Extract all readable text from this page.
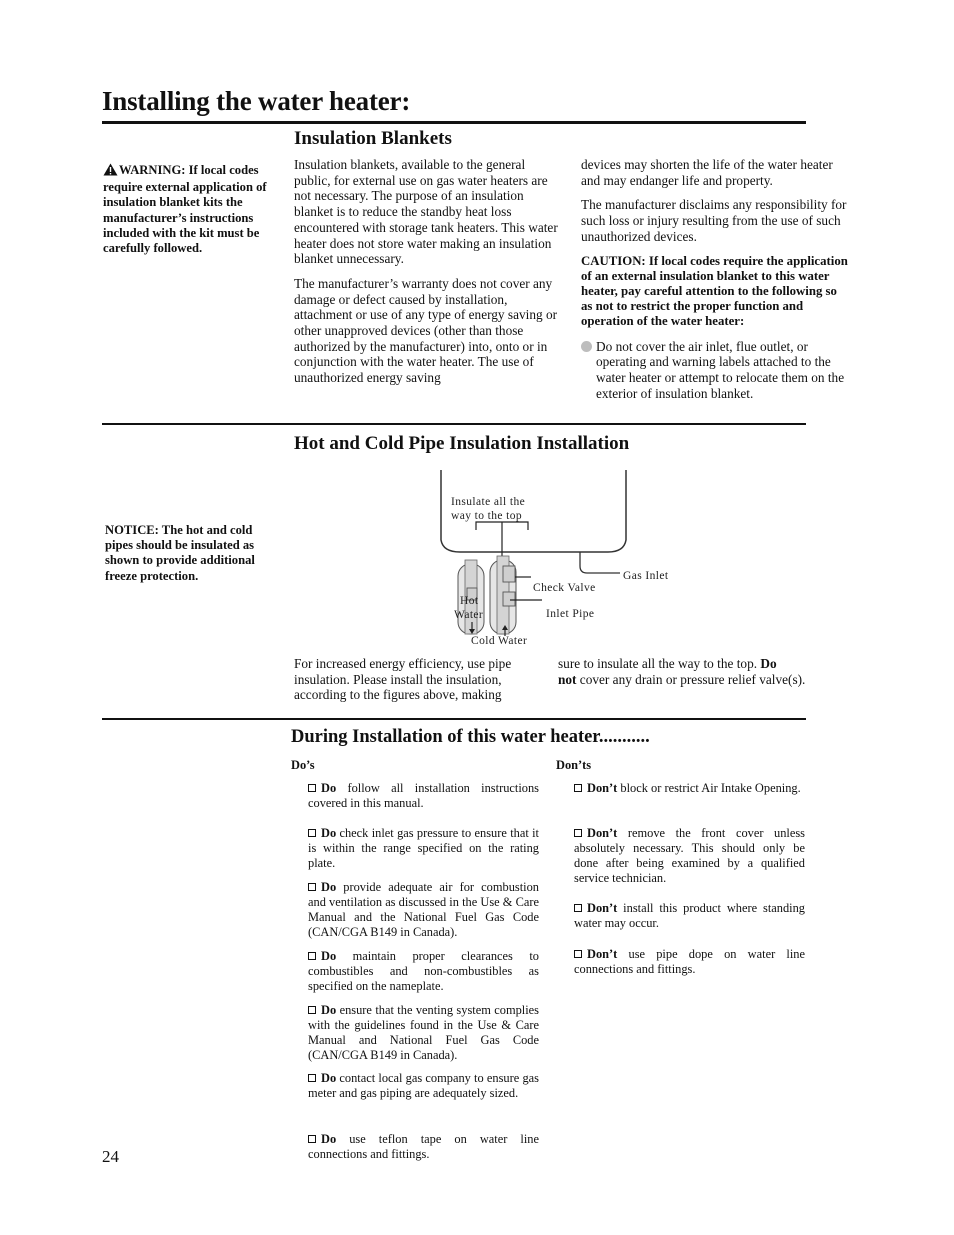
Installing the water heater:
Insulation Blankets
WARNING: If local codes require external application of insulation blanket kits the manufacturer’s instructions included with the kit must be carefully followed.

Insulation blankets, available to the general public, for external use on gas water heaters are not necessary. The purpose of an insulation blanket is to reduce the standby heat loss encountered with storage tank heaters. This water heater does not store water making an insulation blanket unnecessary.

The manufacturer’s warranty does not cover any damage or defect caused by installation, attachment or use of any type of energy saving or other unapproved devices (other than those authorized by the manufacturer) into, onto or in conjunction with the water heater. The use of unauthorized energy saving

devices may shorten the life of the water heater and may endanger life and property.

The manufacturer disclaims any responsibility for such loss or injury resulting from the use of such unauthorized devices.

CAUTION: If local codes require the application of an external insulation blanket to this water heater, pay careful attention to the following so as not to restrict the proper function and operation of the water heater:

Do not cover the air inlet, flue outlet, or operating and warning labels attached to the water heater or attempt to relocate them on the exterior of insulation blanket.
Hot and Cold Pipe Insulation Installation
NOTICE: The hot and cold pipes should be insulated as shown to provide additional freeze protection.
Insulate all the
way to the top
Gas Inlet
Check Valve
Hot
Water	Inlet Pipe
Cold Water
For increased energy efficiency, use pipe insulation. Please install the insulation, according to the figures above, making
sure to insulate all the way to the top. Do
not cover any drain or pressure relief valve(s).
During Installation of this water heater...........
Do’s	Don’ts
Do follow all installation instructions covered in this manual.
Do check inlet gas pressure to ensure that it is within the range specified on the rating plate.
Do provide adequate air for combustion and ventilation as discussed in the Use & Care Manual and the National Fuel Gas Code (CAN/CGA B149 in Canada).
Do maintain proper clearances to combustibles and non-combustibles as specified on the nameplate.
Do ensure that the venting system complies with the guidelines found in the Use & Care Manual and National Fuel Gas Code (CAN/CGA B149 in Canada).
Do contact local gas company to ensure gas meter and gas piping are adequately sized.
Do use teflon tape on water line connections and fittings.
Don’t block or restrict Air Intake Opening.
Don’t remove the front cover unless absolutely necessary. This should only be done after being examined by a qualified service technician.
Don’t install this product where standing water may occur.
Don’t use pipe dope on water line connections and fittings.
24
